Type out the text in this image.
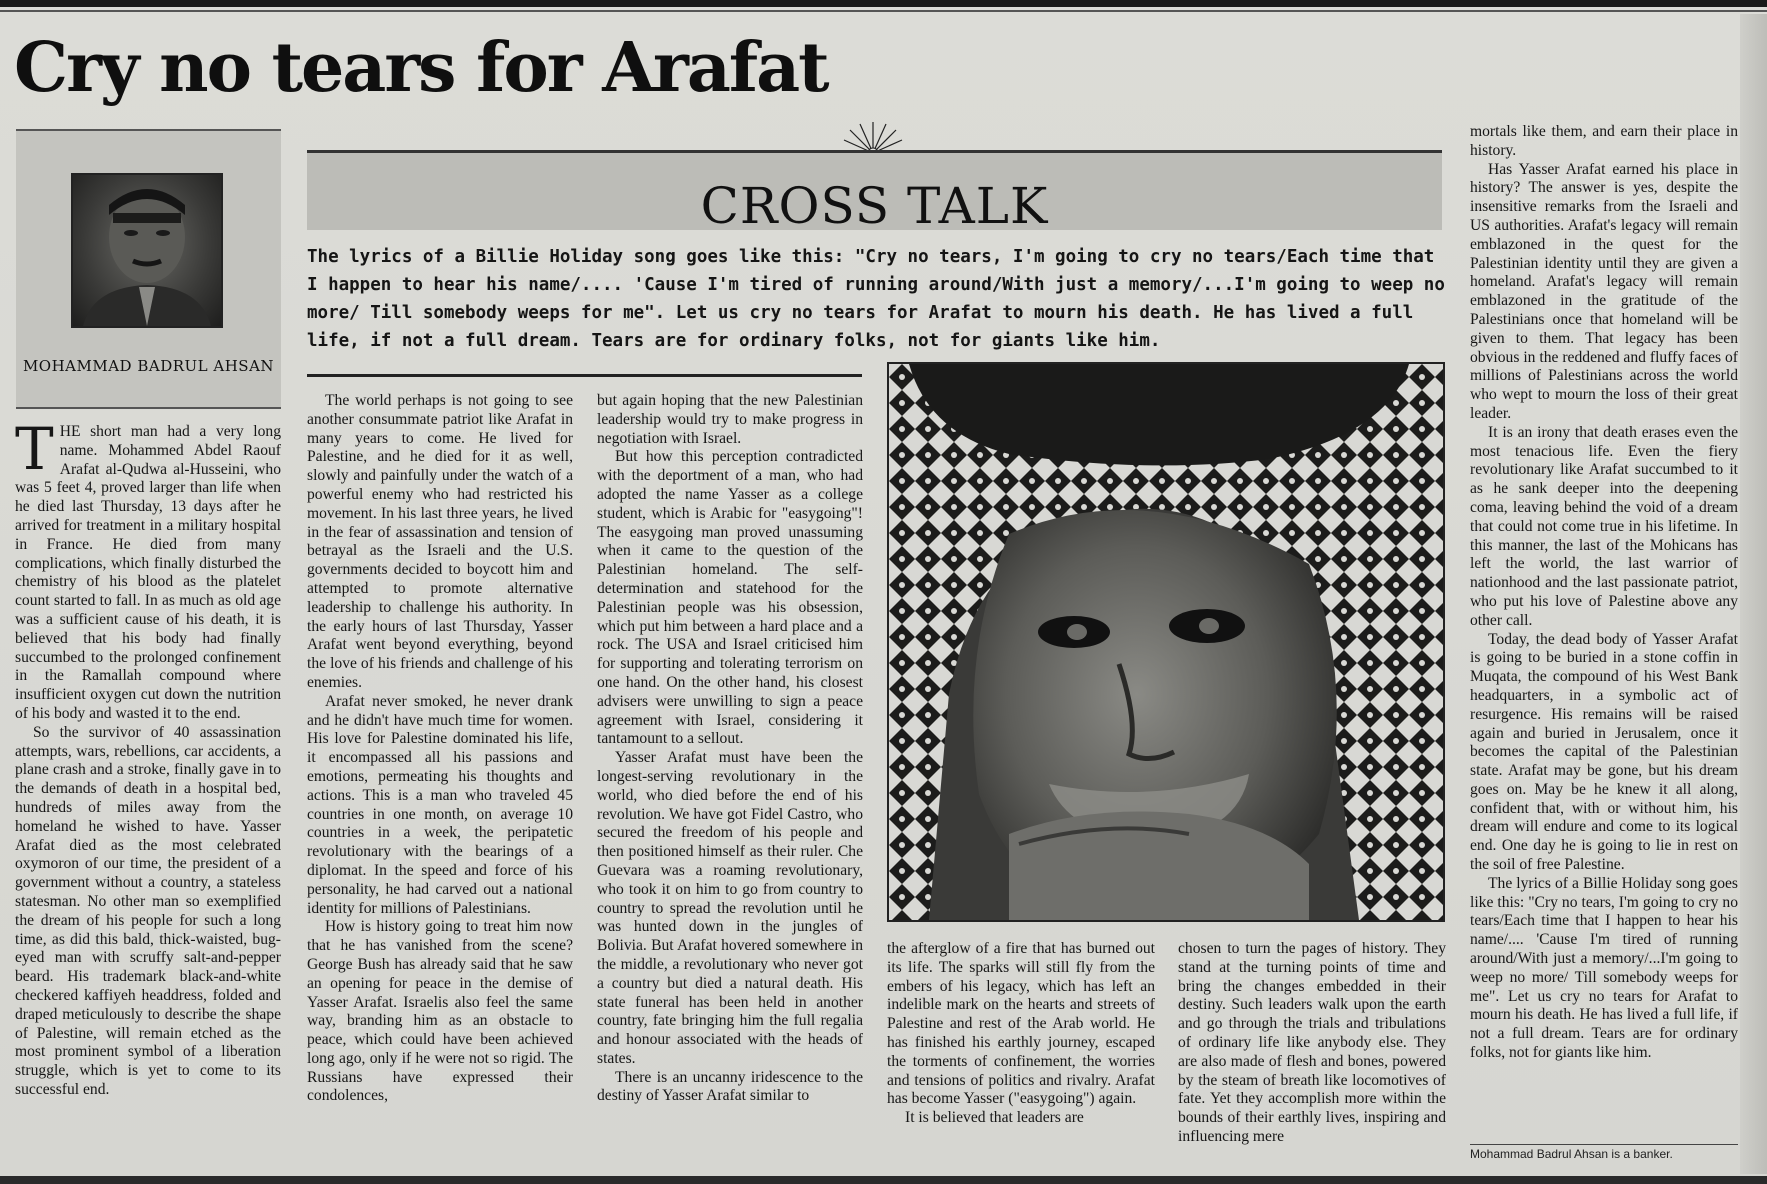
Cry no tears for Arafat
MOHAMMAD BADRUL AHSAN
CROSS TALK
The lyrics of a Billie Holiday song goes like this: "Cry no tears, I'm going to cry no tears/Each time that I happen to hear his name/.... 'Cause I'm tired of running around/With just a memory/...I'm going to weep no more/ Till somebody weeps for me". Let us cry no tears for Arafat to mourn his death. He has lived a full life, if not a full dream. Tears are for ordinary folks, not for giants like him.

THE short man had a very long name. Mohammed Abdel Raouf Arafat al-Qudwa al-Husseini, who was 5 feet 4, proved larger than life when he died last Thursday, 13 days after he arrived for treatment in a military hospital in France. He died from many complications, which finally disturbed the chemistry of his blood as the platelet count started to fall. In as much as old age was a sufficient cause of his death, it is believed that his body had finally succumbed to the prolonged confinement in the Ramallah compound where insufficient oxygen cut down the nutrition of his body and wasted it to the end.

So the survivor of 40 assassination attempts, wars, rebellions, car accidents, a plane crash and a stroke, finally gave in to the demands of death in a hospital bed, hundreds of miles away from the homeland he wished to have. Yasser Arafat died as the most celebrated oxymoron of our time, the president of a government without a country, a stateless statesman. No other man so exemplified the dream of his people for such a long time, as did this bald, thick-waisted, bug-eyed man with scruffy salt-and-pepper beard. His trademark black-and-white checkered kaffiyeh headdress, folded and draped meticulously to describe the shape of Palestine, will remain etched as the most prominent symbol of a liberation struggle, which is yet to come to its successful end.

The world perhaps is not going to see another consummate patriot like Arafat in many years to come. He lived for Palestine, and he died for it as well, slowly and painfully under the watch of a powerful enemy who had restricted his movement. In his last three years, he lived in the fear of assassination and tension of betrayal as the Israeli and the U.S. governments decided to boycott him and attempted to promote alternative leadership to challenge his authority. In the early hours of last Thursday, Yasser Arafat went beyond everything, beyond the love of his friends and challenge of his enemies.

Arafat never smoked, he never drank and he didn't have much time for women. His love for Palestine dominated his life, it encompassed all his passions and emotions, permeating his thoughts and actions. This is a man who traveled 45 countries in one month, on average 10 countries in a week, the peripatetic revolutionary with the bearings of a diplomat. In the speed and force of his personality, he had carved out a national identity for millions of Palestinians.

How is history going to treat him now that he has vanished from the scene? George Bush has already said that he saw an opening for peace in the demise of Yasser Arafat. Israelis also feel the same way, branding him as an obstacle to peace, which could have been achieved long ago, only if he were not so rigid. The Russians have expressed their condolences,

but again hoping that the new Palestinian leadership would try to make progress in negotiation with Israel.

But how this perception contradicted with the deportment of a man, who had adopted the name Yasser as a college student, which is Arabic for "easygoing"! The easygoing man proved unassuming when it came to the question of the Palestinian homeland. The self-determination and statehood for the Palestinian people was his obsession, which put him between a hard place and a rock. The USA and Israel criticised him for supporting and tolerating terrorism on one hand. On the other hand, his closest advisers were unwilling to sign a peace agreement with Israel, considering it tantamount to a sellout.

Yasser Arafat must have been the longest-serving revolutionary in the world, who died before the end of his revolution. We have got Fidel Castro, who secured the freedom of his people and then positioned himself as their ruler. Che Guevara was a roaming revolutionary, who took it on him to go from country to country to spread the revolution until he was hunted down in the jungles of Bolivia. But Arafat hovered somewhere in the middle, a revolutionary who never got a country but died a natural death. His state funeral has been held in another country, fate bringing him the full regalia and honour associated with the heads of states.

There is an uncanny iridescence to the destiny of Yasser Arafat similar to

the afterglow of a fire that has burned out its life. The sparks will still fly from the embers of his legacy, which has left an indelible mark on the hearts and streets of Palestine and rest of the Arab world. He has finished his earthly journey, escaped the torments of confinement, the worries and tensions of politics and rivalry. Arafat has become Yasser ("easygoing") again.

It is believed that leaders are

chosen to turn the pages of history. They stand at the turning points of time and bring the changes embedded in their destiny. Such leaders walk upon the earth and go through the trials and tribulations of ordinary life like anybody else. They are also made of flesh and bones, powered by the steam of breath like locomotives of fate. Yet they accomplish more within the bounds of their earthly lives, inspiring and influencing mere

mortals like them, and earn their place in history.

Has Yasser Arafat earned his place in history? The answer is yes, despite the insensitive remarks from the Israeli and US authorities. Arafat's legacy will remain emblazoned in the quest for the Palestinian identity until they are given a homeland. Arafat's legacy will remain emblazoned in the gratitude of the Palestinians once that homeland will be given to them. That legacy has been obvious in the reddened and fluffy faces of millions of Palestinians across the world who wept to mourn the loss of their great leader.

It is an irony that death erases even the most tenacious life. Even the fiery revolutionary like Arafat succumbed to it as he sank deeper into the deepening coma, leaving behind the void of a dream that could not come true in his lifetime. In this manner, the last of the Mohicans has left the world, the last warrior of nationhood and the last passionate patriot, who put his love of Palestine above any other call.

Today, the dead body of Yasser Arafat is going to be buried in a stone coffin in Muqata, the compound of his West Bank headquarters, in a symbolic act of resurgence. His remains will be raised again and buried in Jerusalem, once it becomes the capital of the Palestinian state. Arafat may be gone, but his dream goes on. May be he knew it all along, confident that, with or without him, his dream will endure and come to its logical end. One day he is going to lie in rest on the soil of free Palestine.

The lyrics of a Billie Holiday song goes like this: "Cry no tears, I'm going to cry no tears/Each time that I happen to hear his name/.... 'Cause I'm tired of running around/With just a memory/...I'm going to weep no more/ Till somebody weeps for me". Let us cry no tears for Arafat to mourn his death. He has lived a full life, if not a full dream. Tears are for ordinary folks, not for giants like him.

Mohammad Badrul Ahsan is a banker.
